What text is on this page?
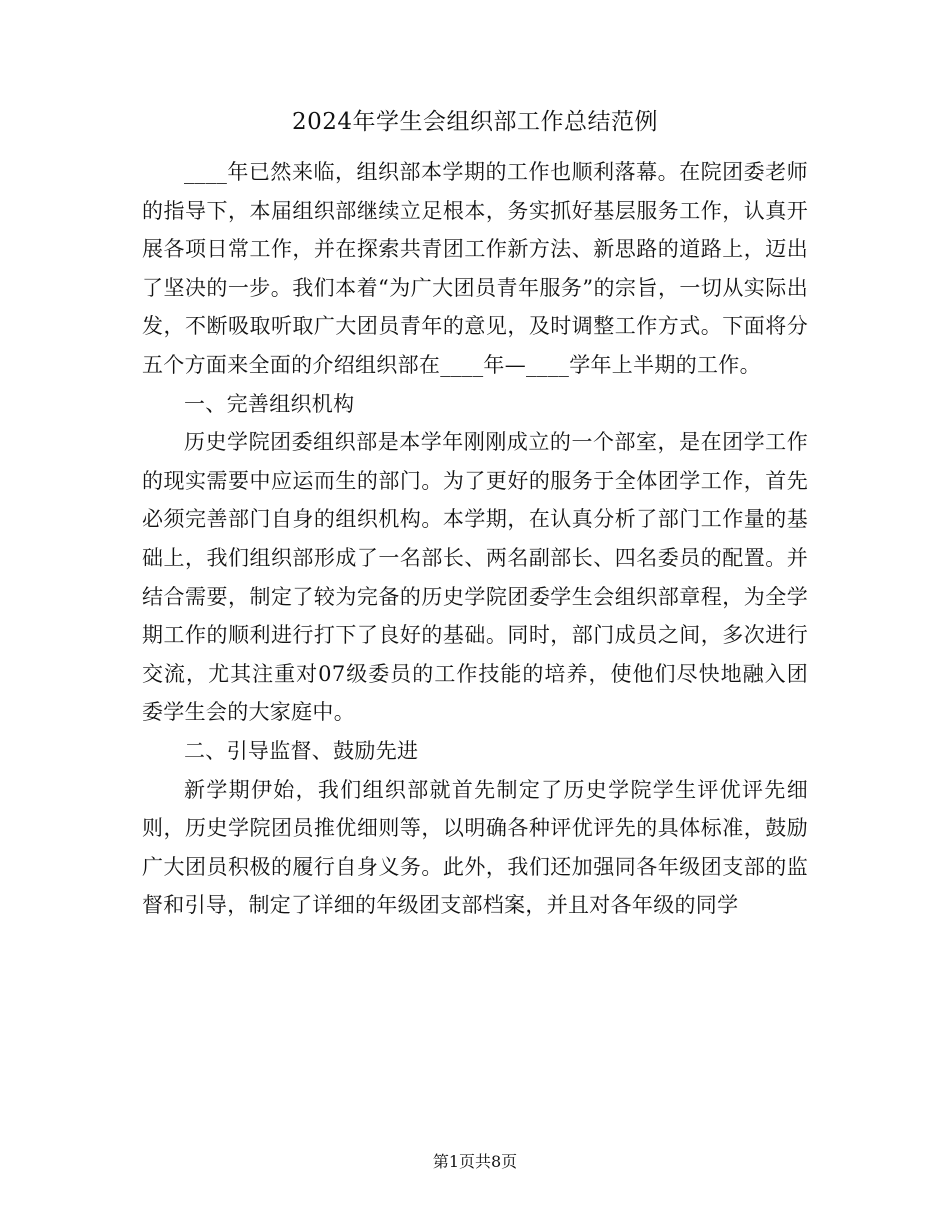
2024年学生会组织部工作总结范例

____年已然来临，组织部本学期的工作也顺利落幕。在院团委老师的指导下，本届组织部继续立足根本，务实抓好基层服务工作，认真开展各项日常工作，并在探索共青团工作新方法、新思路的道路上，迈出了坚决的一步。我们本着“为广大团员青年服务”的宗旨，一切从实际出发，不断吸取听取广大团员青年的意见，及时调整工作方式。下面将分五个方面来全面的介绍组织部在____年—____学年上半期的工作。

一、完善组织机构

历史学院团委组织部是本学年刚刚成立的一个部室，是在团学工作的现实需要中应运而生的部门。为了更好的服务于全体团学工作，首先必须完善部门自身的组织机构。本学期，在认真分析了部门工作量的基础上，我们组织部形成了一名部长、两名副部长、四名委员的配置。并结合需要，制定了较为完备的历史学院团委学生会组织部章程，为全学期工作的顺利进行打下了良好的基础。同时，部门成员之间，多次进行交流，尤其注重对07级委员的工作技能的培养，使他们尽快地融入团委学生会的大家庭中。

二、引导监督、鼓励先进

新学期伊始，我们组织部就首先制定了历史学院学生评优评先细则，历史学院团员推优细则等，以明确各种评优评先的具体标准，鼓励广大团员积极的履行自身义务。此外，我们还加强同各年级团支部的监督和引导，制定了详细的年级团支部档案，并且对各年级的同学

第1页共8页
